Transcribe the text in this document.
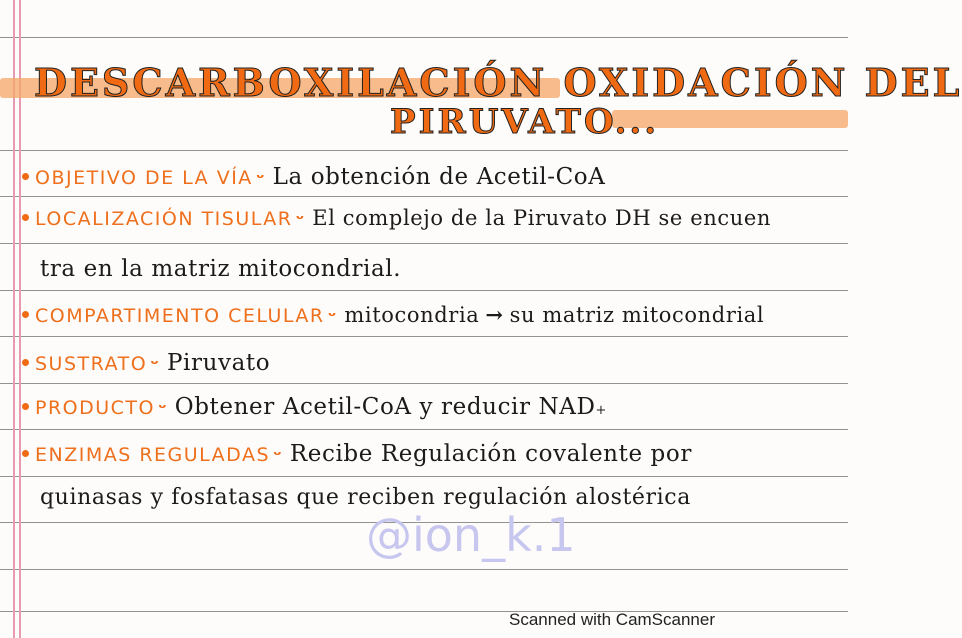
DESCARBOXILACIÓN OXIDACIÓN DEL
PIRUVATO...
OBJETIVO DE LA VÍA ᵕ La obtención de Acetil-CoA
LOCALIZACIÓN TISULAR ᵕ El complejo de la Piruvato DH se encuen
tra en la matriz mitocondrial.
COMPARTIMENTO CELULAR ᵕ mitocondria → su matriz mitocondrial
SUSTRATO ᵕ Piruvato
PRODUCTO ᵕ Obtener Acetil-CoA y reducir NAD +
ENZIMAS REGULADAS ᵕ Recibe Regulación covalente por
quinasas y fosfatasas que reciben regulación alostérica
@ion_k.1
Scanned with CamScanner
